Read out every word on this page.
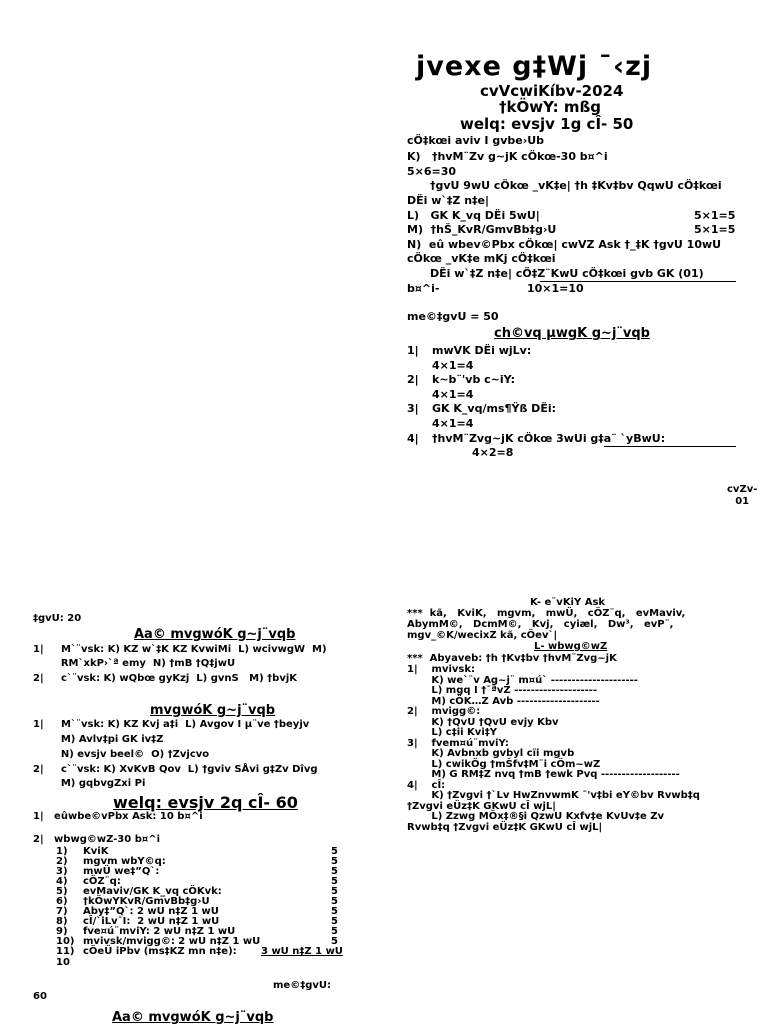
jvexe g‡Wj ¯‹zj
cvVcwiKíbv-2024
†kÖwY: mßg
welq: evsjv 1g cÎ- 50
cÖ‡kœi aviv I gvbe›Ub
K)   †hvM¨Zv g~jK cÖkœ-30 b¤^i
5×6=30
†gvU 9wU cÖkœ _vK‡e| †h ‡Kv‡bv QqwU cÖ‡kœi
DËi w`‡Z n‡e|
L)   GK K_vq DËi 5wU|	5×1=5
M)  †hŠ_KvR/GmvBb‡g›U	5×1=5
N)  eû wbev©Pbx cÖkœ| cwVZ Ask †_‡K †gvU 10wU
cÖkœ _vK‡e mKj cÖ‡kœi
DËi w`‡Z n‡e| cÖ‡Z¨KwU cÖ‡kœi gvb GK (01)
b¤^i-	10×1=10
me©‡gvU = 50
ch©vq µwgK g~j¨vqb
1| mwVK DËi wjLv:
4×1=4
2| k~b¨'vb c~iY:
4×1=4
3| GK K_vq/ms¶Ÿß DËi:
4×1=4
4| †hvM¨Zvg~jK cÖkœ 3wUi g‡a¨ `yBwU:
4×2=8
cvZv-
01
‡gvU: 20
Aa© mvgwóK g~j¨vqb
1|     M`¨vsk: K) KZ w`‡K KZ KvwiMi  L) wcivwgW  M)
RM`xkP›`ª emy  N) †mB †Q‡jwU
2|     c`¨vsk: K) wQbœ gyKzj  L) gvnS   M) †bvjK
mvgwóK g~j¨vqb
1|     M`¨vsk: K) KZ Kvj a‡i  L) Avgov I µ¨ve †beyjv
M) Avlv‡pi GK iv‡Z
N) evsjv beel©  O) †Zvjcvo
2|     c`¨vsk: K) XvKvB Qov  L) †gviv SÅvi g‡Zv Dîvg
M) gqbvgZxi Pi
welq: evsjv 2q cÎ- 60
1|   eûwbe©vPbx Ask: 10 b¤^i
2|   wbwg©wZ-30 b¤^i
1) KviK	5
2) mgvm wbY©q:	5
3) mwÜ we‡”Q`:	5
4) cÖZ¨q:	5
5) evMaviv/GK K_vq cÖKvk:	5
6) †kÖwYKvR/GmvBb‡g›U	5
7) Aby‡”Q`: 2 wU n‡Z 1 wU	5
8) cÎ/`iLv¯I:  2 wU n‡Z 1 wU	5
9) fve¤ú¨mviY: 2 wU n‡Z 1 wU	5
10) mvivsk/mvigg©: 2 wU n‡Z 1 wU	5
11) cÖeÜ iPbv (ms‡KZ mn n‡e): 3 wU n‡Z 1 wU
10
me©‡gvU:
60
Aa© mvgwóK g~j¨vqb
K- e¨vKiY Ask
***  kã,   KviK,   mgvm,   mwÜ,   cÖZ¨q,   evMaviv,
AbymM©,   DcmM©,   Kvj,   cyiæl,   Dw³,   evP¨,
mgv_©K/wecixZ kã, cÖev`|
L- wbwg©wZ
***  Abyaveb: †h †Kv‡bv †hvM¨Zvg~jK
1|    mvivsk:
K) we`¨v Ag~j¨ m¤ú` ---------------------
L) mgq I †¯ªvZ --------------------
M) cÖK…Z Avb --------------------
2|    mvigg©:
K) †QvU †QvU evjy Kbv
L) c‡ii Kvi‡Y
3|    fvem¤ú¨mviY:
K) Avbnxb gvbyl cïi mgvb
L) cwikÖg †mŠfv‡M¨i cÖm~wZ
M) G RM‡Z nvq †mB †ewk Pvq -------------------
4|    cÎ:
K) †Zvgvi †`Lv HwZnvwmK ¯'v‡bi eY©bv Rvwb‡q
†Zvgvi eÜz‡K GKwU cÎ wjL|
L) Zzwg MÖx‡®§i QzwU Kxfv‡e KvUv‡e Zv
Rvwb‡q †Zvgvi eÜz‡K GKwU cÎ wjL|
